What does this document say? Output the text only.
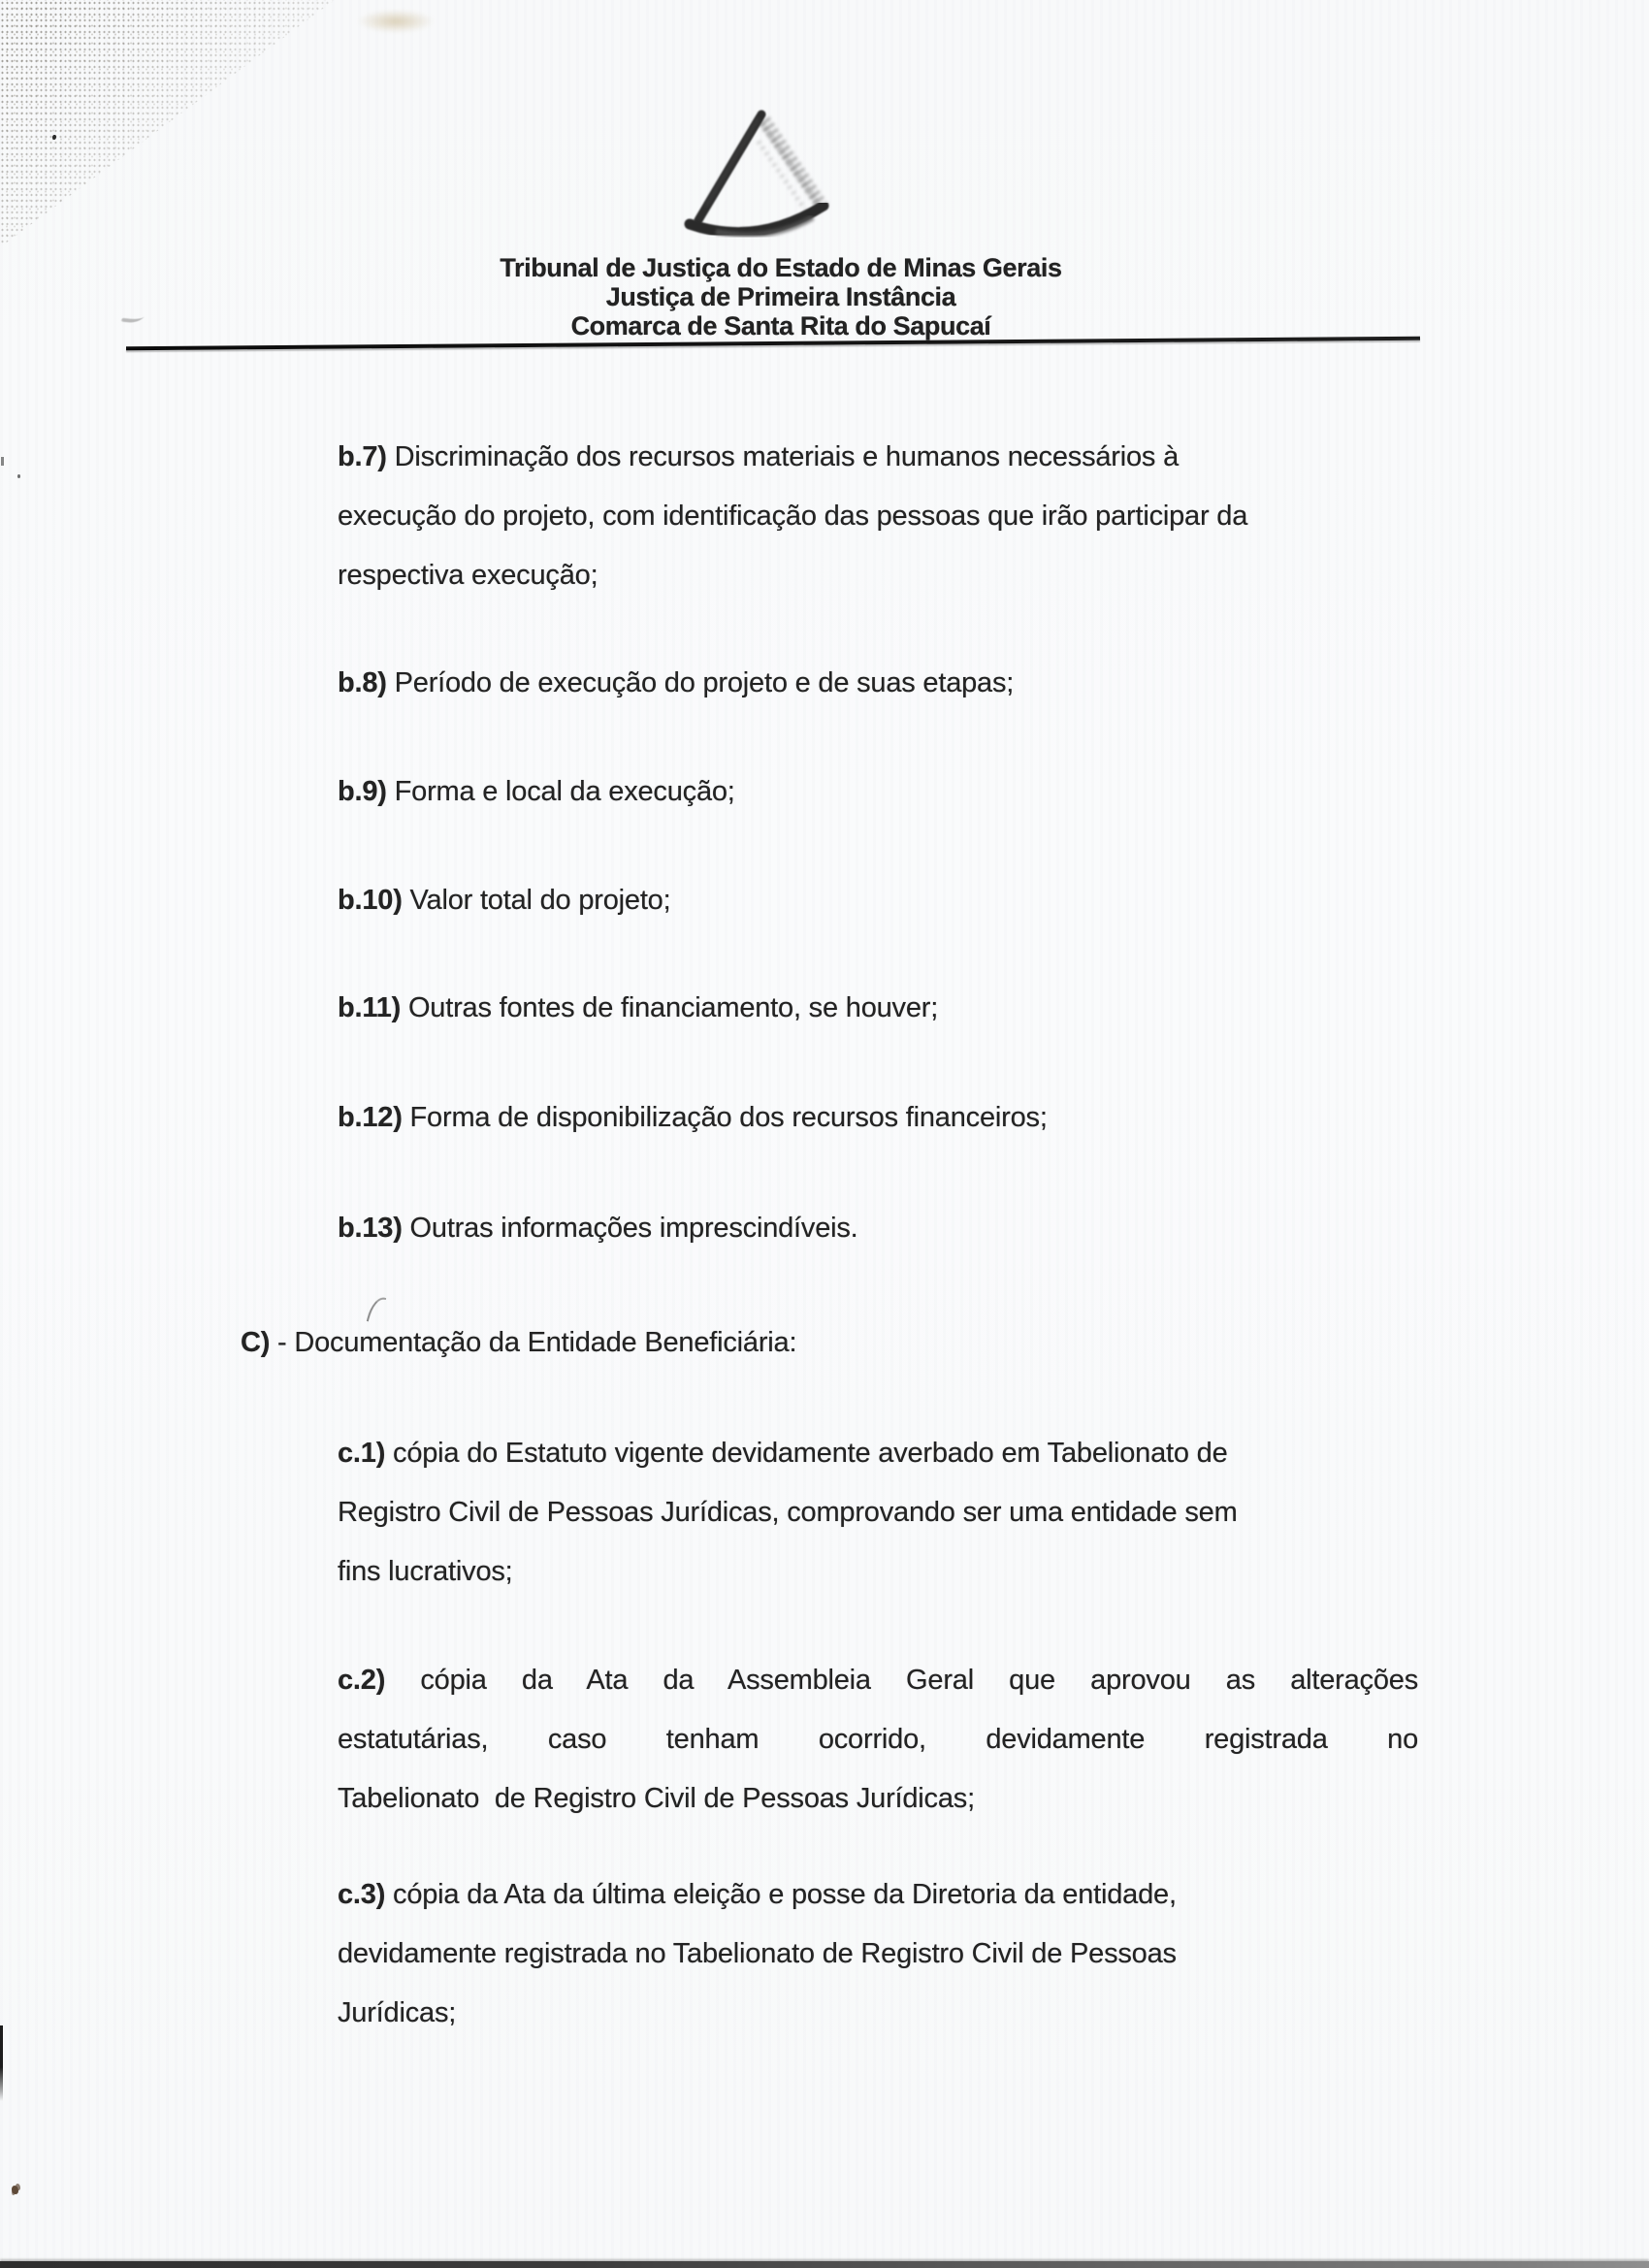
Tribunal de Justiça do Estado de Minas Gerais
Justiça de Primeira Instância
Comarca de Santa Rita do Sapucaí
b.7) Discriminação dos recursos materiais e humanos necessários à
execução do projeto, com identificação das pessoas que irão participar da
respectiva execução;
b.8) Período de execução do projeto e de suas etapas;
b.9) Forma e local da execução;
b.10) Valor total do projeto;
b.11) Outras fontes de financiamento, se houver;
b.12) Forma de disponibilização dos recursos financeiros;
b.13) Outras informações imprescindíveis.
C) - Documentação da Entidade Beneficiária:
c.1) cópia do Estatuto vigente devidamente averbado em Tabelionato de
Registro Civil de Pessoas Jurídicas, comprovando ser uma entidade sem
fins lucrativos;
c.2) cópia da Ata da Assembleia Geral que aprovou as alterações
estatutárias, caso tenham ocorrido, devidamente registrada no
Tabelionato  de Registro Civil de Pessoas Jurídicas;
c.3) cópia da Ata da última eleição e posse da Diretoria da entidade,
devidamente registrada no Tabelionato de Registro Civil de Pessoas
Jurídicas;
